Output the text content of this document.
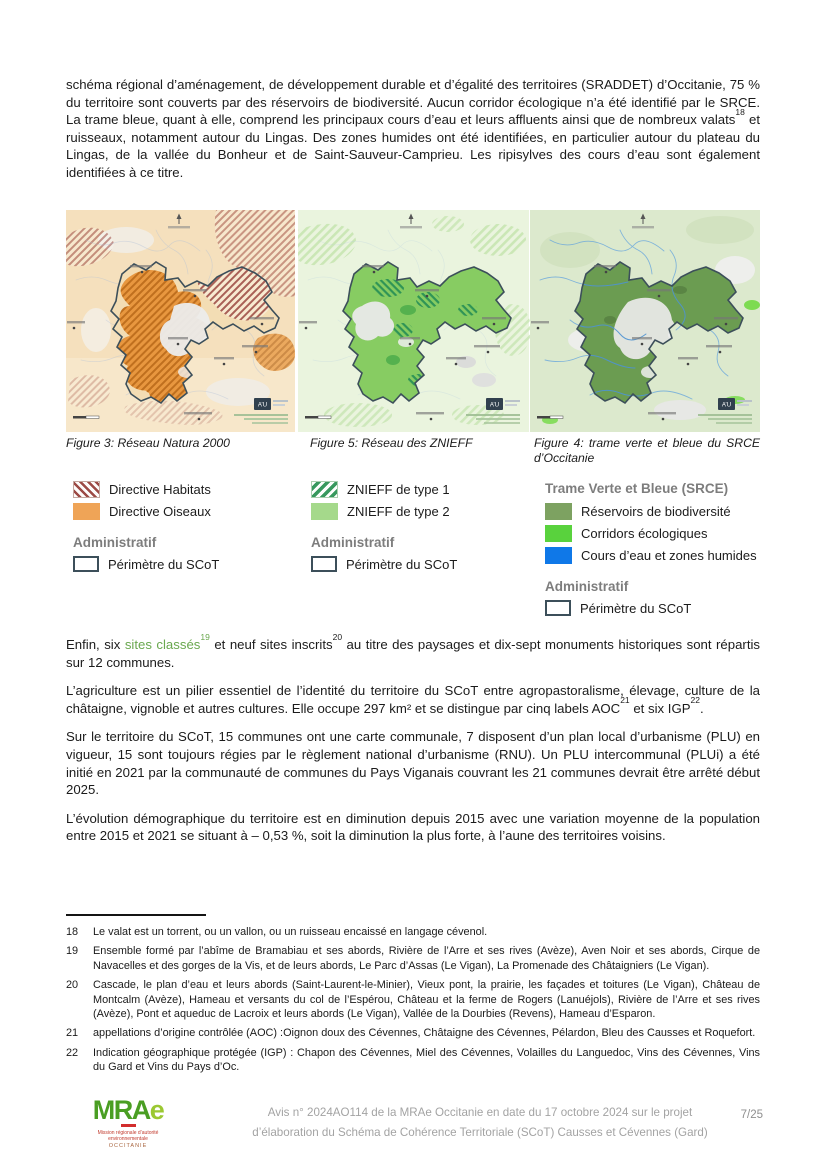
schéma régional d’aménagement, de développement durable et d’égalité des territoires (SRADDET) d’Occitanie, 75 % du territoire sont couverts par des réservoirs de biodiversité. Aucun corridor écologique n’a été identifié par le SRCE. La trame bleue, quant à elle, comprend les principaux cours d’eau et leurs affluents ainsi que de nombreux valats$^{18}$ et ruisseaux, notamment autour du Lingas. Des zones humides ont été identifiées, en particulier autour du plateau du Lingas, de la vallée du Bonheur et de Saint-Sauveur-Camprieu. Les ripisylves des cours d’eau sont également identifiées à ce titre.

Figure 3: Réseau Natura 2000	Figure 5: Réseau des ZNIEFF	Figure 4: trame verte et bleue du SRCE d’Occitanie
Directive Habitats
Directive Oiseaux
Administratif
Périmètre du SCoT
ZNIEFF de type 1
ZNIEFF de type 2
Administratif
Périmètre du SCoT
Trame Verte et Bleue (SRCE)
Réservoirs de biodiversité
Corridors écologiques
Cours d’eau et zones humides
Administratif
Périmètre du SCoT

Enfin, six sites classés$^{19}$ et neuf sites inscrits$^{20}$ au titre des paysages et dix-sept monuments historiques sont répartis sur 12 communes.

L’agriculture est un pilier essentiel de l’identité du territoire du SCoT entre agropastoralisme, élevage, culture de la châtaigne, vignoble et autres cultures. Elle occupe 297 km² et se distingue par cinq labels AOC$^{21}$ et six IGP$^{22}$.

Sur le territoire du SCoT, 15 communes ont une carte communale, 7 disposent d’un plan local d’urbanisme (PLU) en vigueur, 15 sont toujours régies par le règlement national d’urbanisme (RNU). Un PLU intercommunal (PLUi) a été initié en 2021 par la communauté de communes du Pays Viganais couvrant les 21 communes devrait être arrêté début 2025.

L’évolution démographique du territoire est en diminution depuis 2015 avec une variation moyenne de la population entre 2015 et 2021 se situant à – 0,53 %, soit la diminution la plus forte, à l’aune des territoires voisins.

18	Le valat est un torrent, ou un vallon, ou un ruisseau encaissé en langage cévenol.
19	Ensemble formé par l’abîme de Bramabiau et ses abords, Rivière de l’Arre et ses rives (Avèze), Aven Noir et ses abords, Cirque de Navacelles et des gorges de la Vis, et de leurs abords, Le Parc d’Assas (Le Vigan), La Promenade des Châtaigniers (Le Vigan).
20	Cascade, le plan d’eau et leurs abords (Saint-Laurent-le-Minier), Vieux pont, la prairie, les façades et toitures (Le Vigan), Château de Montcalm (Avèze), Hameau et versants du col de l’Espérou, Château et la ferme de Rogers (Lanuéjols), Rivière de l’Arre et ses rives (Avèze), Pont et aqueduc de Lacroix et leurs abords (Le Vigan), Vallée de la Dourbies (Revens), Hameau d’Esparon.
21	appellations d’origine contrôlée (AOC) :Oignon doux des Cévennes, Châtaigne des Cévennes, Pélardon, Bleu des Causses et Roquefort.
22	Indication géographique protégée (IGP) : Chapon des Cévennes, Miel des Cévennes, Volailles du Languedoc, Vins des Cévennes, Vins du Gard et Vins du Pays d’Oc.
MRAe
Mission régionale d’autorité environnementale
OCCITANIE
Avis n° 2024AO114 de la MRAe Occitanie en date du 17 octobre 2024 sur le projet
d’élaboration du Schéma de Cohérence Territoriale (SCoT) Causses et Cévennes (Gard)
7/25
